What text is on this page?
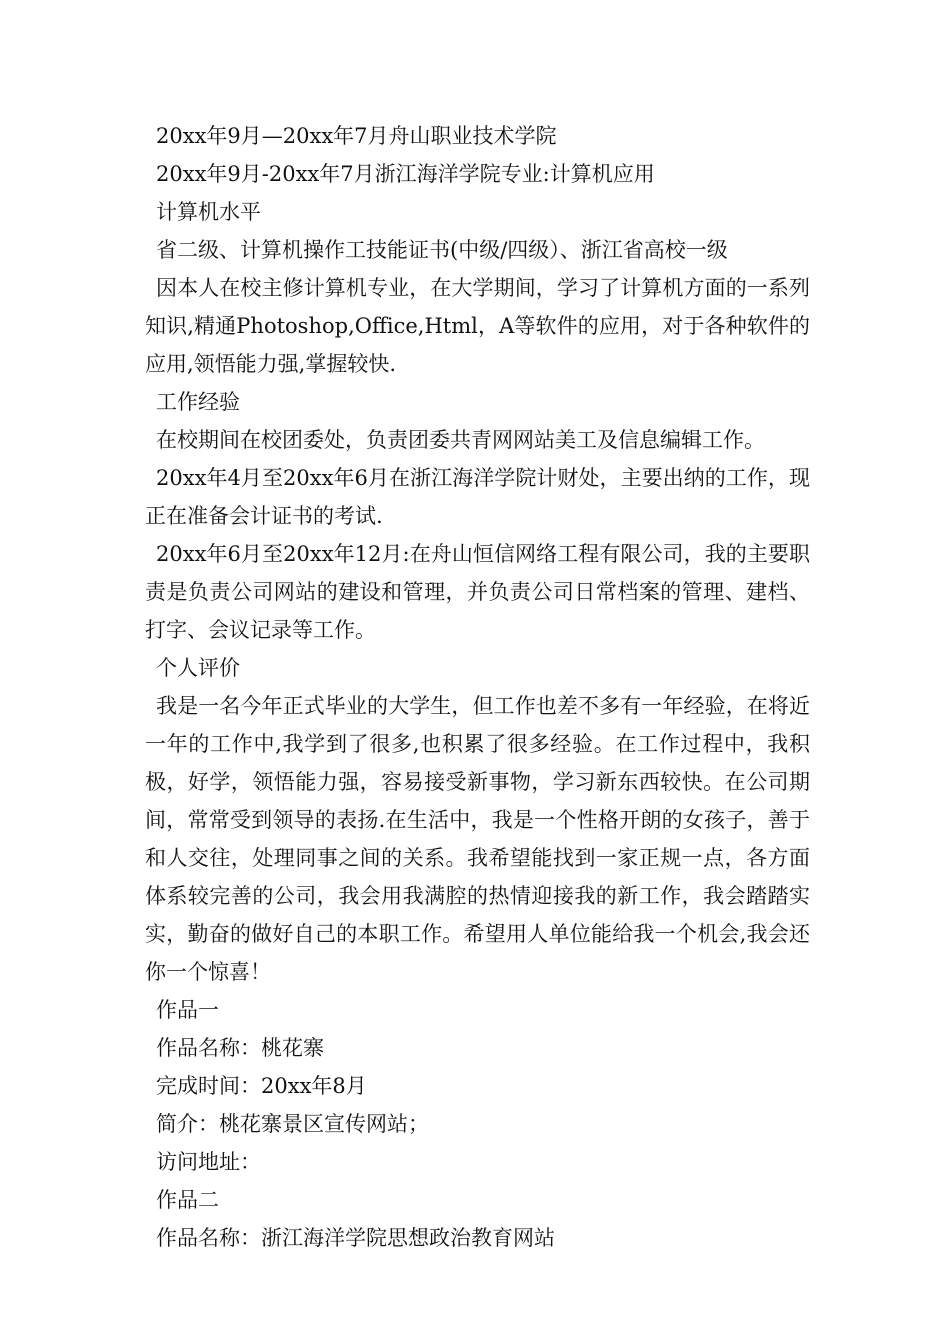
20xx年9月—20xx年7月舟山职业技术学院
20xx年9月-20xx年7月浙江海洋学院专业:计算机应用
计算机水平
省二级、计算机操作工技能证书(中级/四级）、浙江省高校一级

因本人在校主修计算机专业，在大学期间，学习了计算机方面的一系列知识,精通Photoshop,Office,Html，A等软件的应用，对于各种软件的应用,领悟能力强,掌握较快.

工作经验

在校期间在校团委处，负责团委共青网网站美工及信息编辑工作。

20xx年4月至20xx年6月在浙江海洋学院计财处，主要出纳的工作，现正在准备会计证书的考试.

20xx年6月至20xx年12月:在舟山恒信网络工程有限公司，我的主要职责是负责公司网站的建设和管理，并负责公司日常档案的管理、建档、打字、会议记录等工作。

个人评价

我是一名今年正式毕业的大学生，但工作也差不多有一年经验，在将近一年的工作中,我学到了很多,也积累了很多经验。在工作过程中，我积极，好学，领悟能力强，容易接受新事物，学习新东西较快。在公司期间，常常受到领导的表扬.在生活中，我是一个性格开朗的女孩子，善于和人交往，处理同事之间的关系。我希望能找到一家正规一点，各方面体系较完善的公司，我会用我满腔的热情迎接我的新工作，我会踏踏实实，勤奋的做好自己的本职工作。希望用人单位能给我一个机会,我会还你一个惊喜！

作品一
作品名称：桃花寨
完成时间：20xx年8月
简介：桃花寨景区宣传网站；
访问地址：
作品二
作品名称：浙江海洋学院思想政治教育网站
